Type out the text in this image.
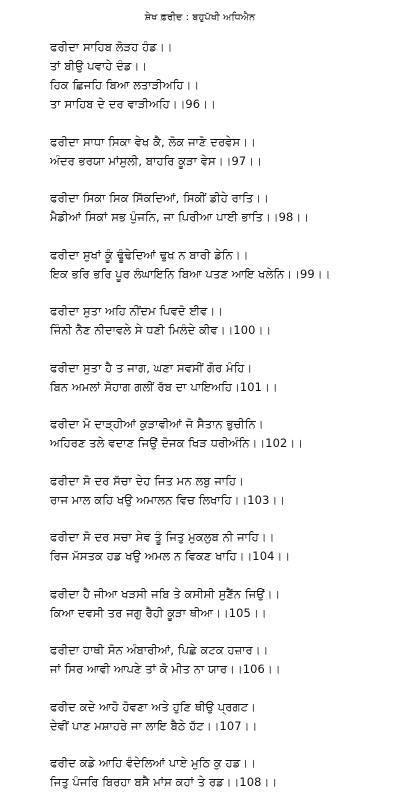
ਸ਼ੇਖ ਫ਼ਰੀਦ : ਬਹੁਪੱਖੀ ਅਧਿਐਨ
ਫਰੀਦਾ ਸਾਹਿਬ ਲੋੜਹ ਹੰਡ।।
ਤਾਂ ਬੀਉ ਪਵਾਹੇ ਦੰਡ।।
ਹਿਕ ਛਿਜਹਿ ਬਿਆ ਲਤਾੜੀਅਹਿ।।
ਤਾ ਸਾਹਿਬ ਦੇ ਦਰ ਵਾੜੀਅਹਿ।।96।।
ਫਰੀਦਾ ਸਾਧਾ ਸਿਕਾ ਵੇਖ ਕੈ, ਲੋਕ ਜਾਣੋ ਦਰਵੇਸ।।
ਅੰਦਰ ਭਰਯਾ ਮਾਂਸੁਲੀ, ਬਾਹਰਿ ਕੂੜਾ ਵੇਸ।।97।।
ਫਰੀਦਾ ਸਿਕਾ ਸਿਕ ਸਿੱਕਦਿਆਂ, ਸਿਕੀਂ ਡੀਹੇ ਰਾਤਿ।।
ਮੈਡੀਆਂ ਸਿਕਾਂ ਸਭ ਪੁੰਜਨਿ, ਜਾ ਪਿਰੀਆ ਪਾਈ ਭਾਤਿ।।98।।
ਫਰੀਦਾ ਸੁਖਾਂ ਕੂੰ ਢੂੰਢੇਦਿਆਂ ਢੁਖ ਨ ਬਾਰੀ ਡੇਨਿ।।
ਇਕ ਭਰਿ ਭਰਿ ਪੂਰ ਲੰਘਾਇਨਿ ਬਿਆ ਪਤਣ ਆਇ ਖਲੇਨਿ।।99।।
ਫਰੀਦਾ ਸੁਤਾ ਅਹਿ ਨੀਂਦਮ ਪਿਵਦੋ ਈਵ।।
ਜਿੰਨੀ ਨੈਣ ਨੀਦਾਵਲੇ ਸੇ ਧਣੀ ਮਿਲੰਦੇ ਕੀਵ।।100।।
ਫਰੀਦਾ ਸੁਤਾ ਹੈ ਤ ਜਾਗ, ਘਣਾ ਸਵਸੀਂ ਗੋਰ ਮੰਹਿ।
ਬਿਨ ਅਮਲਾਂ ਸੋਹਾਗ ਗਲੀਂ ਰੱਬ ਦਾ ਪਾਇਅਹਿ।101।।
ਫਰੀਦਾ ਮੋ ਦਾੜ੍ਹੀਆਂ ਕੁੜਾਵੀਆਂ ਜੋ ਸੈਤਾਨ ਭੁਚੀਨਿ।
ਅਹਿਰਣ ਤਲੇ ਵਦਾਣ ਜਿਉਂ ਦੋਜਕ ਖਿੜ ਧਰੀਅੰਨਿ।।102।।
ਫਰੀਦਾ ਸੋ ਦਰ ਸੱਚਾ ਦੇਹ ਜਿਤ ਮਨ ਲਬੁ ਜਾਹਿ।
ਰਾਜ ਮਾਲ ਕਹਿ ਖਉ ਅਮਾਲਨ ਵਿਚ ਲਿਖਾਹਿ।।103।।
ਫਰੀਦਾ ਸੋ ਦਰ ਸਚਾ ਸੇਵ ਤੂੰ ਜਿਤੁ ਮੁਕਲੁਬ ਨੀ ਜਾਹਿ।।
ਰਿਜ ਮੱਸਤਕ ਹਡ ਖਉ ਅਮਲ ਨ ਵਿਕਣ ਖਾਹਿ।।104।।
ਫਰੀਦਾ ਹੈ ਜੀਆ ਖੜਸੀ ਜਬਿ ਤੇ ਕਸੀਸੀ ਸੁਣੈਂਨ ਜਿਉਂ।।
ਕਿਆ ਦਵਸੀ ਤਰ ਜਗੁ ਰੈਹੀ ਕੂੜਾ ਥੀਆ।।105।।
ਫਰੀਦਾ ਹਾਥੀ ਸੋਨ ਅੰਬਾਰੀਆਂ, ਪਿਛੇ ਕਟਕ ਹਜ਼ਾਰ।।
ਜਾਂ ਸਿਰ ਆਵੀ ਆਪਣੇ ਤਾਂ ਕੋ ਮੀਤ ਨਾ ਯਾਰ।।106।।
ਫਰੀਦ ਕਦੇ ਆਹੋ ਹੋਵਣਾ ਅਤੇ ਹੁਣਿ ਥੀਉ ਪ੍ਰਗਟ।
ਦੇਵੀਂ ਪਾਣ ਮਸ਼ਾਹਰੇ ਜਾ ਲਾਇ ਬੈਠੇ ਹੱਟ।।107।।
ਫਰੀਦ ਕਡੇ ਆਹਿ ਵੰਦੇਲਿਆਂ ਪਾਏ ਮੁਠਿ ਕੁ ਹਡ।।
ਜਿਤੁ ਪੰਜਰਿ ਬਿਰਹਾ ਬਸੈ ਮਾਂਸ ਕਹਾਂ ਤੇ ਰਡ।।108।।
